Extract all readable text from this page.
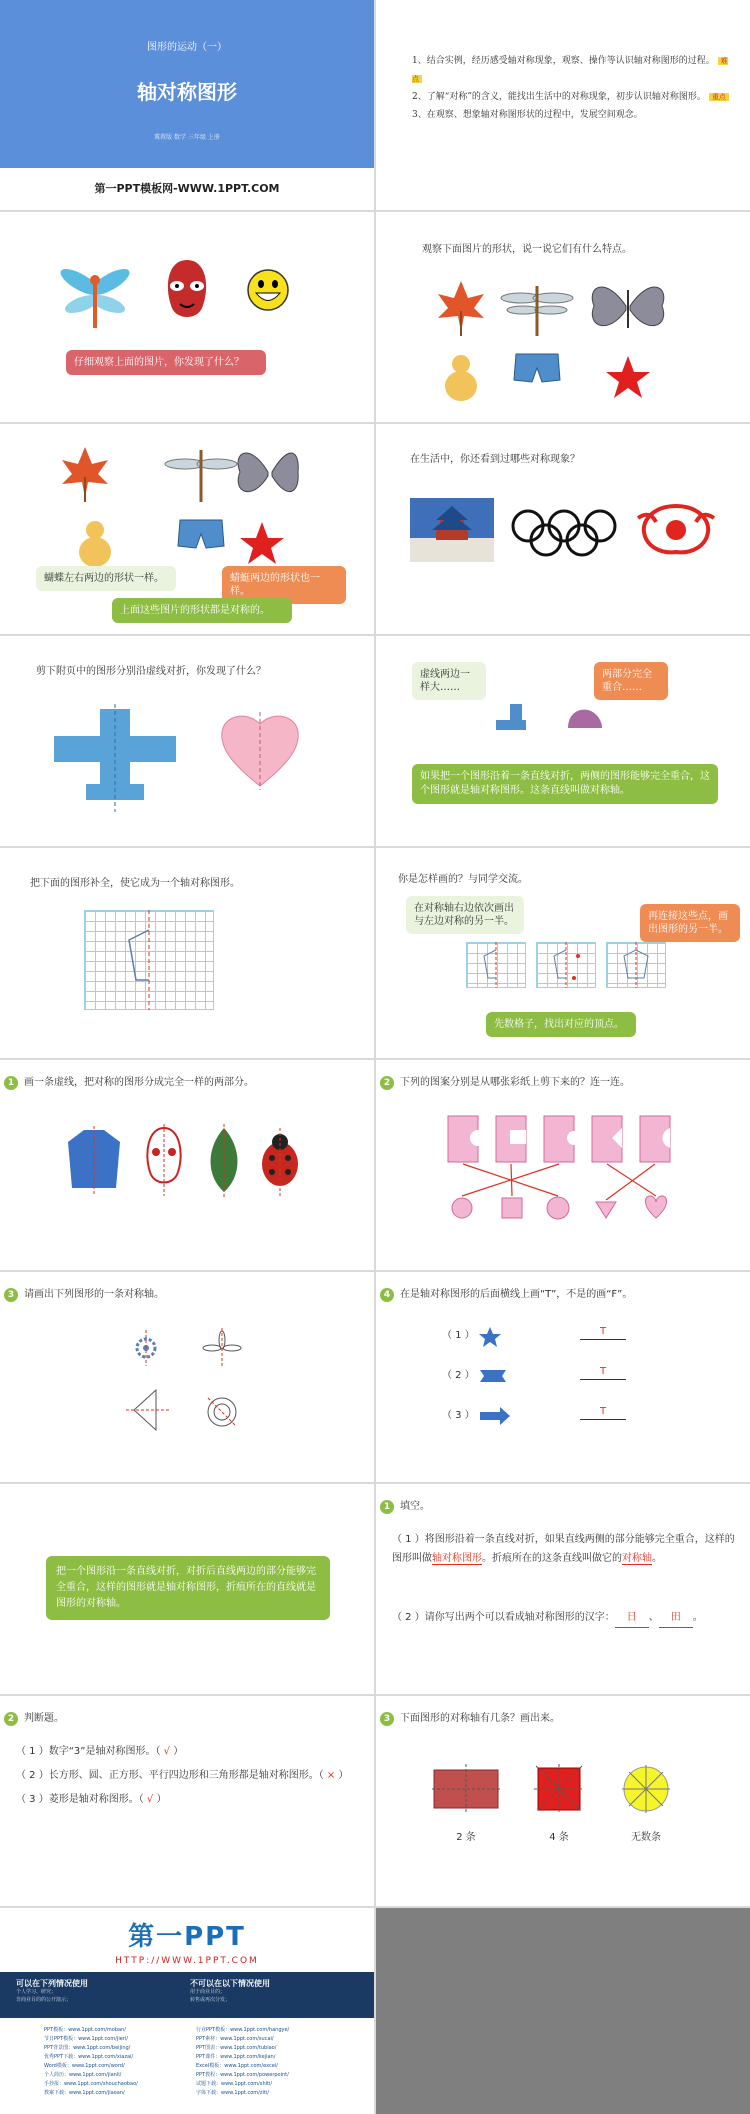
图形的运动（一）
轴对称图形
冀教版 数学 三年级 上册
第一PPT模板网-WWW.1PPT.COM
1、结合实例，经历感受轴对称现象，观察、操作等认识轴对称图形的过程。 难点
2、了解“对称”的含义，能找出生活中的对称现象，初步认识轴对称图形。 重点
3、在观察、想象轴对称图形状的过程中，发展空间观念。
仔细观察上面的图片，你发现了什么？
观察下面图片的形状，说一说它们有什么特点。
蝴蝶左右两边的形状一样。	蜻蜓两边的形状也一样。
上面这些图片的形状都是对称的。
在生活中，你还看到过哪些对称现象？
剪下附页中的图形分别沿虚线对折，你发现了什么？	虚线两边一样大……
两部分完全重合……
如果把一个图形沿着一条直线对折，两侧的图形能够完全重合，这个图形就是轴对称图形。这条直线叫做对称轴。
把下面的图形补全，使它成为一个轴对称图形。	你是怎样画的？与同学交流。
在对称轴右边依次画出与左边对称的另一半。	再连接这些点，画出图形的另一半。
先数格子，找出对应的顶点。
1 画一条虚线，把对称的图形分成完全一样的两部分。	2 下列的图案分别是从哪张彩纸上剪下来的？连一连。
3 请画出下列图形的一条对称轴。	4 在是轴对称图形的后面横线上画“T”，不是的画“F”。
（ 1 ）	T
（ 2 ）	T
（ 3 ）	T
把一个图形沿一条直线对折，对折后直线两边的部分能够完全重合，这样的图形就是轴对称图形，折痕所在的直线就是图形的对称轴。
1 填空。
（ 1 ）将图形沿着一条直线对折，如果直线两侧的部分能够完全重合，这样的图形叫做轴对称图形。折痕所在的这条直线叫做它的对称轴。
（ 2 ）请你写出两个可以看成轴对称图形的汉字： 日 、 田 。
2 判断题。
（ 1 ）数字“3”是轴对称图形。（ √ ）
（ 2 ）长方形、圆、正方形、平行四边形和三角形都是轴对称图形。（ × ）
（ 3 ）菱形是轴对称图形。（ √ ）
3 下面图形的对称轴有几条？画出来。
2 条	4 条	无数条
第一PPT
HTTP://WWW.1PPT.COM
可以在下列情况使用
个人学习、研究；
非商业目的的公开演示；
不可以在以下情况使用
用于商业目的；
转售或再次分发；
PPT模板：www.1ppt.com/moban/
节日PPT模板：www.1ppt.com/jieri/
PPT背景图：www.1ppt.com/beijing/
优秀PPT下载：www.1ppt.com/xiazai/
Word模板：www.1ppt.com/word/
个人简历：www.1ppt.com/jianli/
手抄报：www.1ppt.com/shouchaobao/
教案下载：www.1ppt.com/jiaoan/
行业PPT模板：www.1ppt.com/hangye/
PPT素材：www.1ppt.com/sucai/
PPT图表：www.1ppt.com/tubiao/
PPT课件：www.1ppt.com/kejian/
Excel模板：www.1ppt.com/excel/
PPT教程：www.1ppt.com/powerpoint/
试题下载：www.1ppt.com/shiti/
字体下载：www.1ppt.com/ziti/
